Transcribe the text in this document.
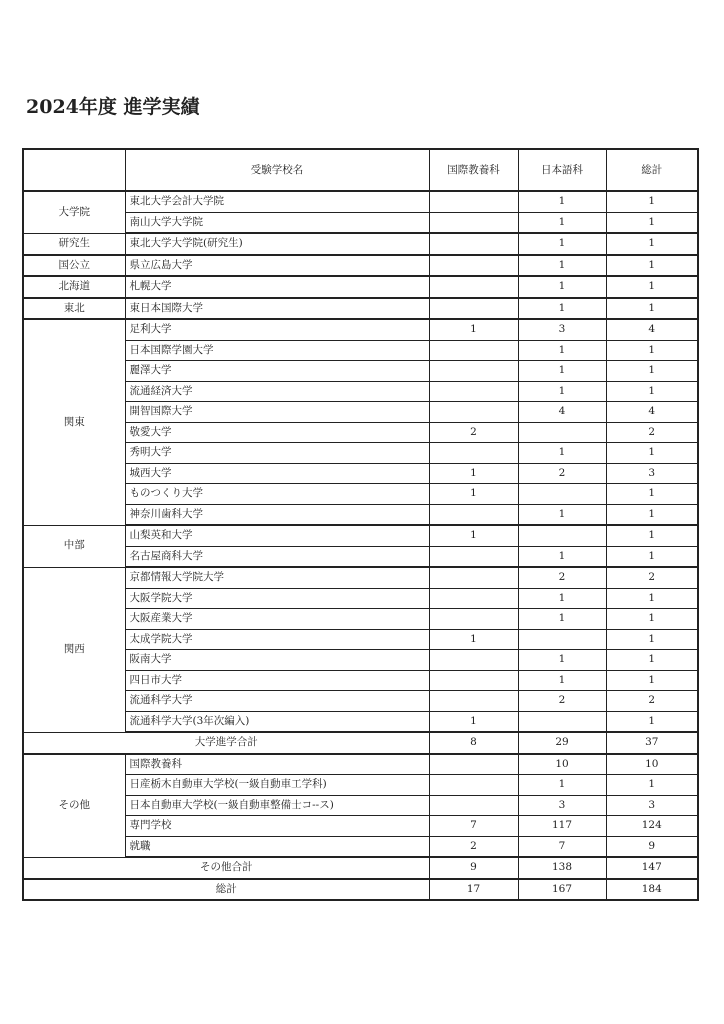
2024年度 進学実績
	受験学校名	国際教養科	日本語科	総計
大学院	東北大学会計大学院		1	1
	南山大学大学院		1	1
研究生	東北大学大学院(研究生)		1	1
国公立	県立広島大学		1	1
北海道	札幌大学		1	1
東北	東日本国際大学		1	1
関東	足利大学	1	3	4
	日本国際学園大学		1	1
	麗澤大学		1	1
	流通経済大学		1	1
	開智国際大学		4	4
	敬愛大学	2		2
	秀明大学		1	1
	城西大学	1	2	3
	ものつくり大学	1		1
	神奈川歯科大学		1	1
中部	山梨英和大学	1		1
	名古屋商科大学		1	1
関西	京都情報大学院大学		2	2
	大阪学院大学		1	1
	大阪産業大学		1	1
	太成学院大学	1		1
	阪南大学		1	1
	四日市大学		1	1
	流通科学大学		2	2
	流通科学大学(3年次編入)	1		1
大学進学合計		8	29	37
その他	国際教養科		10	10
	日産栃木自動車大学校(一級自動車工学科)		1	1
	日本自動車大学校(一級自動車整備士コ--ス)		3	3
	専門学校	7	117	124
	就職	2	7	9
その他合計		9	138	147
総計		17	167	184
